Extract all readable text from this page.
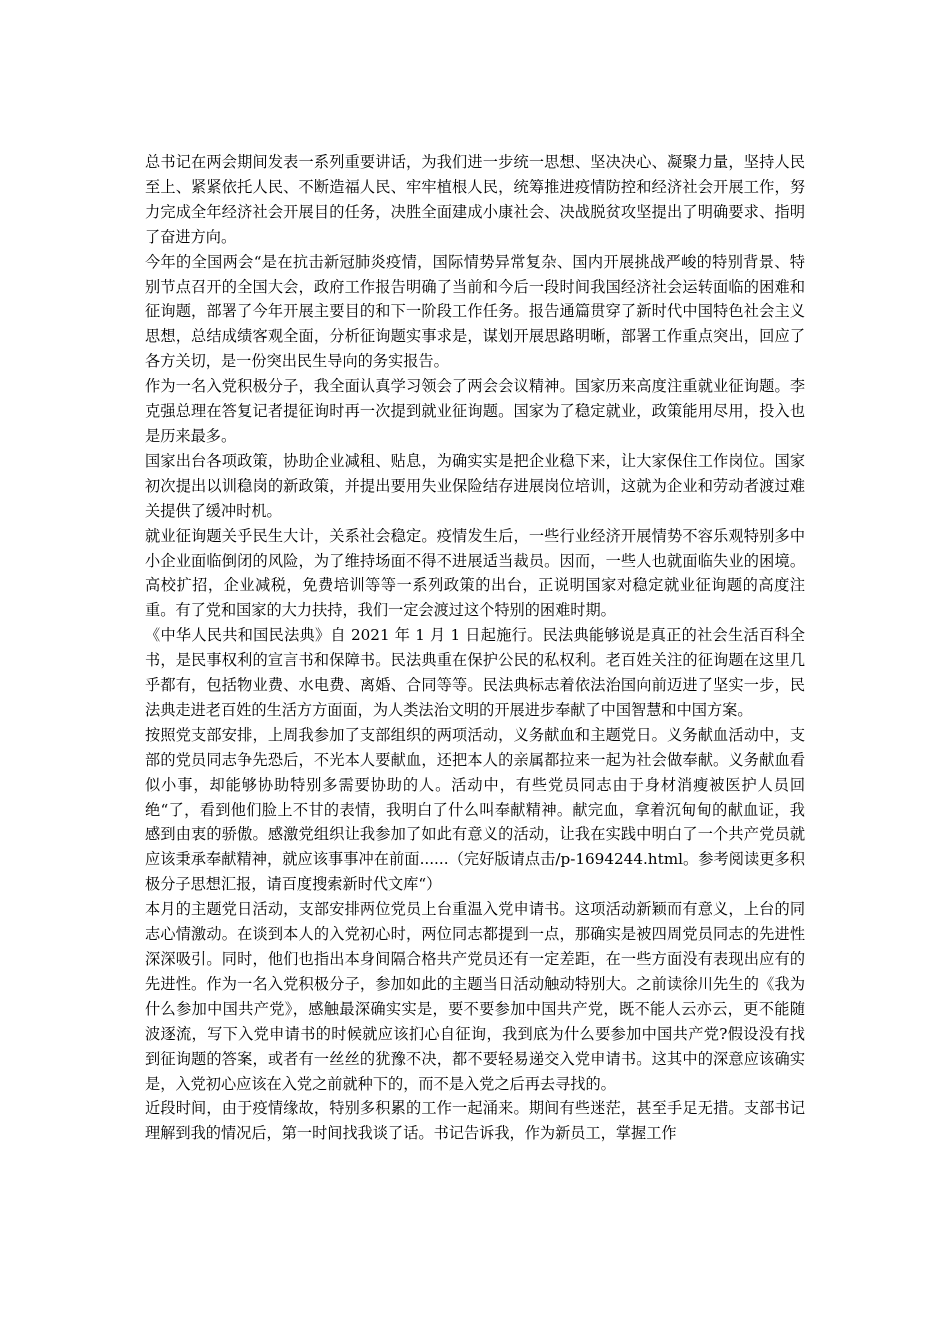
总书记在两会期间发表一系列重要讲话，为我们进一步统一思想、坚决决心、凝聚力量，坚持人民至上、紧紧依托人民、不断造福人民、牢牢植根人民，统筹推进疫情防控和经济社会开展工作，努力完成全年经济社会开展目的任务，决胜全面建成小康社会、决战脱贫攻坚提出了明确要求、指明了奋进方向。

今年的全国两会“是在抗击新冠肺炎疫情，国际情势异常复杂、国内开展挑战严峻的特别背景、特别节点召开的全国大会，政府工作报告明确了当前和今后一段时间我国经济社会运转面临的困难和征询题，部署了今年开展主要目的和下一阶段工作任务。报告通篇贯穿了新时代中国特色社会主义思想，总结成绩客观全面，分析征询题实事求是，谋划开展思路明晰，部署工作重点突出，回应了各方关切，是一份突出民生导向的务实报告。

作为一名入党积极分子，我全面认真学习领会了两会会议精神。国家历来高度注重就业征询题。李克强总理在答复记者提征询时再一次提到就业征询题。国家为了稳定就业，政策能用尽用，投入也是历来最多。

国家出台各项政策，协助企业减租、贴息，为确实实是把企业稳下来，让大家保住工作岗位。国家初次提出以训稳岗的新政策，并提出要用失业保险结存进展岗位培训，这就为企业和劳动者渡过难关提供了缓冲时机。

就业征询题关乎民生大计，关系社会稳定。疫情发生后，一些行业经济开展情势不容乐观特别多中小企业面临倒闭的风险，为了维持场面不得不进展适当裁员。因而，一些人也就面临失业的困境。高校扩招，企业减税，免费培训等等一系列政策的出台，正说明国家对稳定就业征询题的高度注重。有了党和国家的大力扶持，我们一定会渡过这个特别的困难时期。

《中华人民共和国民法典》自 2021 年 1 月 1 日起施行。民法典能够说是真正的社会生活百科全书，是民事权利的宣言书和保障书。民法典重在保护公民的私权利。老百姓关注的征询题在这里几乎都有，包括物业费、水电费、离婚、合同等等。民法典标志着依法治国向前迈进了坚实一步，民法典走进老百姓的生活方方面面，为人类法治文明的开展进步奉献了中国智慧和中国方案。

按照党支部安排，上周我参加了支部组织的两项活动，义务献血和主题党日。义务献血活动中，支部的党员同志争先恐后，不光本人要献血，还把本人的亲属都拉来一起为社会做奉献。义务献血看似小事，却能够协助特别多需要协助的人。活动中，有些党员同志由于身材消瘦被医护人员回绝“了，看到他们脸上不甘的表情，我明白了什么叫奉献精神。献完血，拿着沉甸甸的献血证，我感到由衷的骄傲。感激党组织让我参加了如此有意义的活动，让我在实践中明白了一个共产党员就应该秉承奉献精神，就应该事事冲在前面......（完好版请点击/p-1694244.html。参考阅读更多积极分子思想汇报，请百度搜索新时代文库“）

本月的主题党日活动，支部安排两位党员上台重温入党申请书。这项活动新颖而有意义，上台的同志心情激动。在谈到本人的入党初心时，两位同志都提到一点，那确实是被四周党员同志的先进性深深吸引。同时，他们也指出本身间隔合格共产党员还有一定差距，在一些方面没有表现出应有的先进性。作为一名入党积极分子，参加如此的主题当日活动触动特别大。之前读徐川先生的《我为什么参加中国共产党》，感触最深确实实是，要不要参加中国共产党，既不能人云亦云，更不能随波逐流，写下入党申请书的时候就应该扪心自征询，我到底为什么要参加中国共产党?假设没有找到征询题的答案，或者有一丝丝的犹豫不决，都不要轻易递交入党申请书。这其中的深意应该确实是，入党初心应该在入党之前就种下的，而不是入党之后再去寻找的。

近段时间，由于疫情缘故，特别多积累的工作一起涌来。期间有些迷茫，甚至手足无措。支部书记理解到我的情况后，第一时间找我谈了话。书记告诉我，作为新员工，掌握工作
